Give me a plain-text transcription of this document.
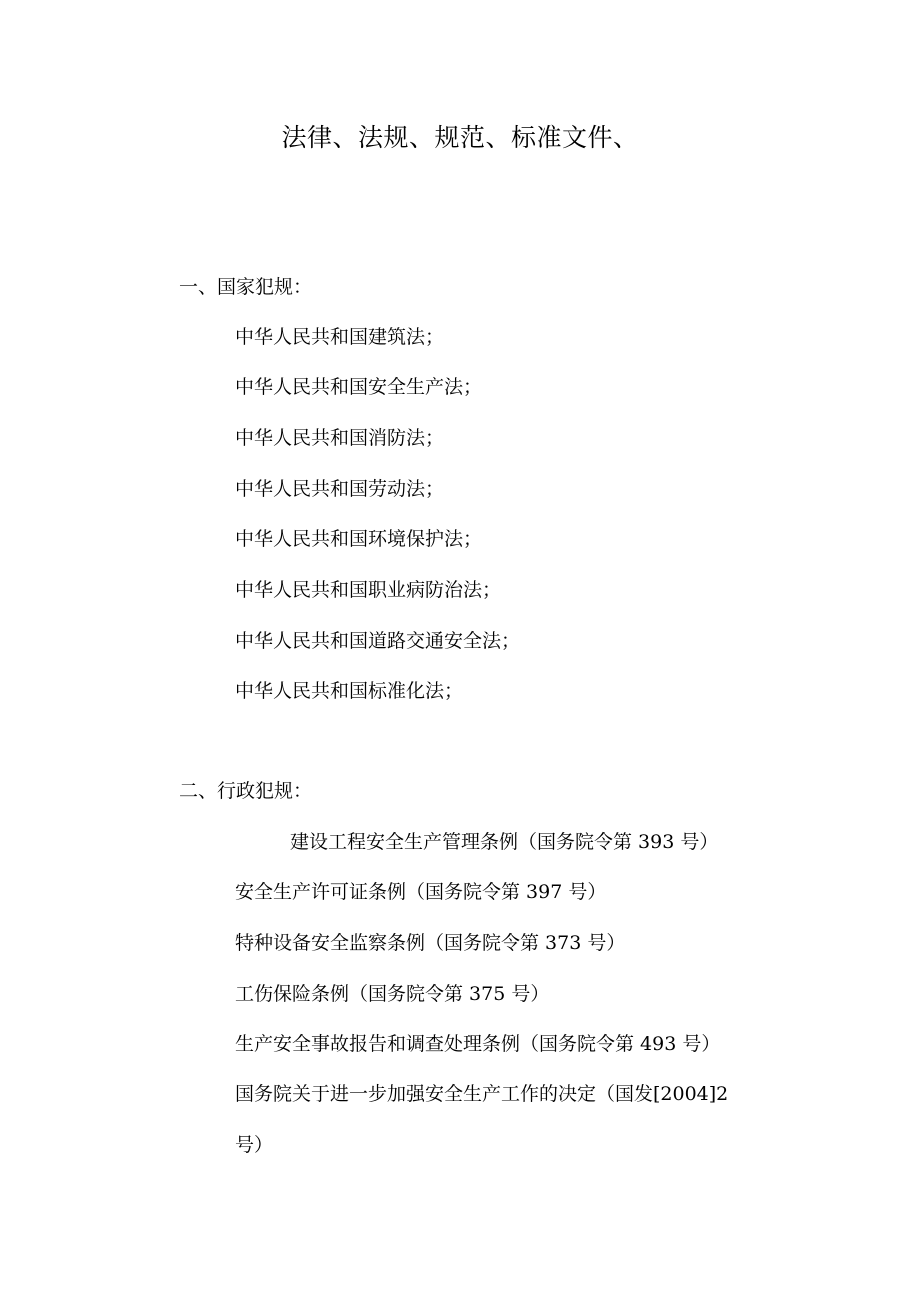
法律、法规、规范、标准文件、
一、国家犯规：
中华人民共和国建筑法；
中华人民共和国安全生产法；
中华人民共和国消防法；
中华人民共和国劳动法；
中华人民共和国环境保护法；
中华人民共和国职业病防治法；
中华人民共和国道路交通安全法；
中华人民共和国标准化法；
二、行政犯规：
建设工程安全生产管理条例（国务院令第 393 号）
安全生产许可证条例（国务院令第 397 号）
特种设备安全监察条例（国务院令第 373 号）
工伤保险条例（国务院令第 375 号）
生产安全事故报告和调查处理条例（国务院令第 493 号）
国务院关于进一步加强安全生产工作的决定（国发[2004]2 号）
